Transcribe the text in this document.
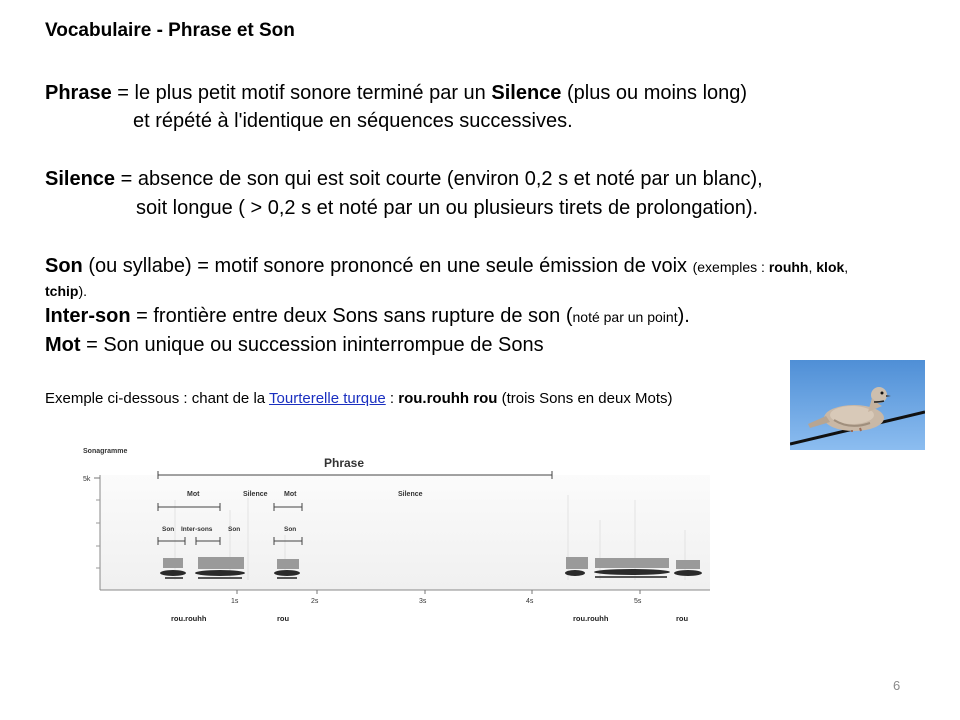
Vocabulaire - Phrase et Son
Phrase = le plus petit motif sonore terminé par un Silence (plus ou moins long)
et répété à l'identique en séquences successives.
Silence = absence de son qui est soit courte (environ 0,2 s et noté par un blanc),
soit longue ( > 0,2 s et noté par un ou plusieurs tirets de prolongation).
Son (ou syllabe) = motif sonore prononcé en une seule émission de voix (exemples : rouhh, klok,
tchip).
Inter-son = frontière entre deux Sons sans rupture de son (noté par un point).
Mot = Son unique ou succession ininterrompue de Sons
Exemple ci-dessous : chant de la Tourterelle turque : rou.rouhh rou (trois Sons en deux Mots)
Sonagramme
5k
Phrase
Mot	Silence Mot	Silence
Son Inter-sons Son	Son
1s	2s	3s	4s	5s
rou.rouhh	rou	rou.rouhh	rou
6
